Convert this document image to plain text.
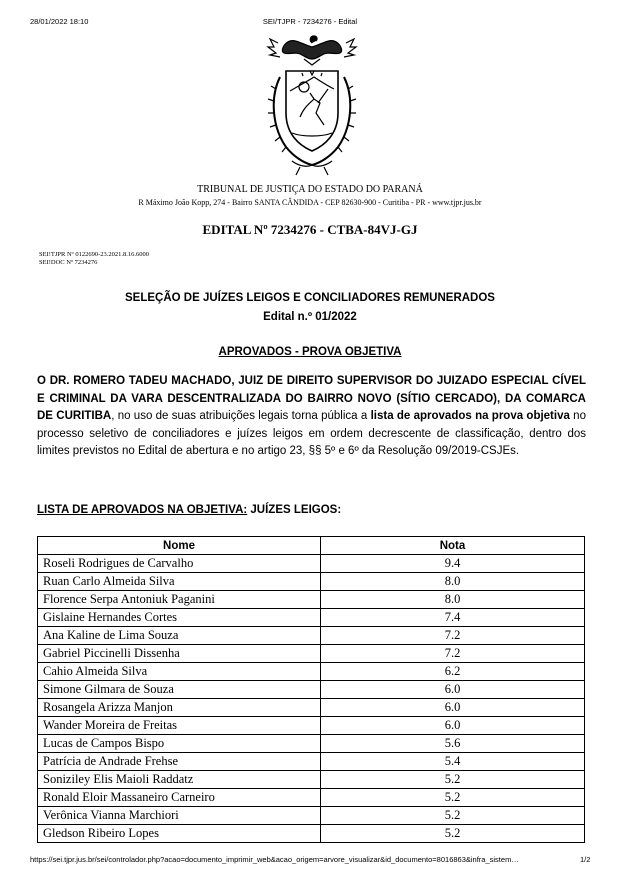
28/01/2022 18:10	SEI/TJPR - 7234276 - Edital
TRIBUNAL DE JUSTIÇA DO ESTADO DO PARANÁ
R Máximo João Kopp, 274 - Bairro SANTA CÂNDIDA - CEP 82630-900 - Curitiba - PR - www.tjpr.jus.br
EDITAL Nº 7234276 - CTBA-84VJ-GJ
SEI!TJPR Nº 0122690-23.2021.8.16.6000
SEI!DOC Nº 7234276
SELEÇÃO DE JUÍZES LEIGOS E CONCILIADORES REMUNERADOS
Edital n.º 01/2022
APROVADOS - PROVA OBJETIVA
O DR. ROMERO TADEU MACHADO, JUIZ DE DIREITO SUPERVISOR DO JUIZADO ESPECIAL CÍVEL E CRIMINAL DA VARA DESCENTRALIZADA DO BAIRRO NOVO (SÍTIO CERCADO), DA COMARCA DE CURITIBA, no uso de suas atribuições legais torna pública a lista de aprovados na prova objetiva no processo seletivo de conciliadores e juízes leigos em ordem decrescente de classificação, dentro dos limites previstos no Edital de abertura e no artigo 23, §§ 5º e 6º da Resolução 09/2019-CSJEs.
LISTA DE APROVADOS NA OBJETIVA: JUÍZES LEIGOS:
Nome	Nota
Roseli Rodrigues de Carvalho	9.4
Ruan Carlo Almeida Silva	8.0
Florence Serpa Antoniuk Paganini	8.0
Gislaine Hernandes Cortes	7.4
Ana Kaline de Lima Souza	7.2
Gabriel Piccinelli Dissenha	7.2
Cahio Almeida Silva	6.2
Simone Gilmara de Souza	6.0
Rosangela Arizza Manjon	6.0
Wander Moreira de Freitas	6.0
Lucas de Campos Bispo	5.6
Patrícia de Andrade Frehse	5.4
Soniziley Elis Maioli Raddatz	5.2
Ronald Eloir Massaneiro Carneiro	5.2
Verônica Vianna Marchiori	5.2
Gledson Ribeiro Lopes	5.2
https://sei.tjpr.jus.br/sei/controlador.php?acao=documento_imprimir_web&acao_origem=arvore_visualizar&id_documento=8016863&infra_sistem…	1/2
